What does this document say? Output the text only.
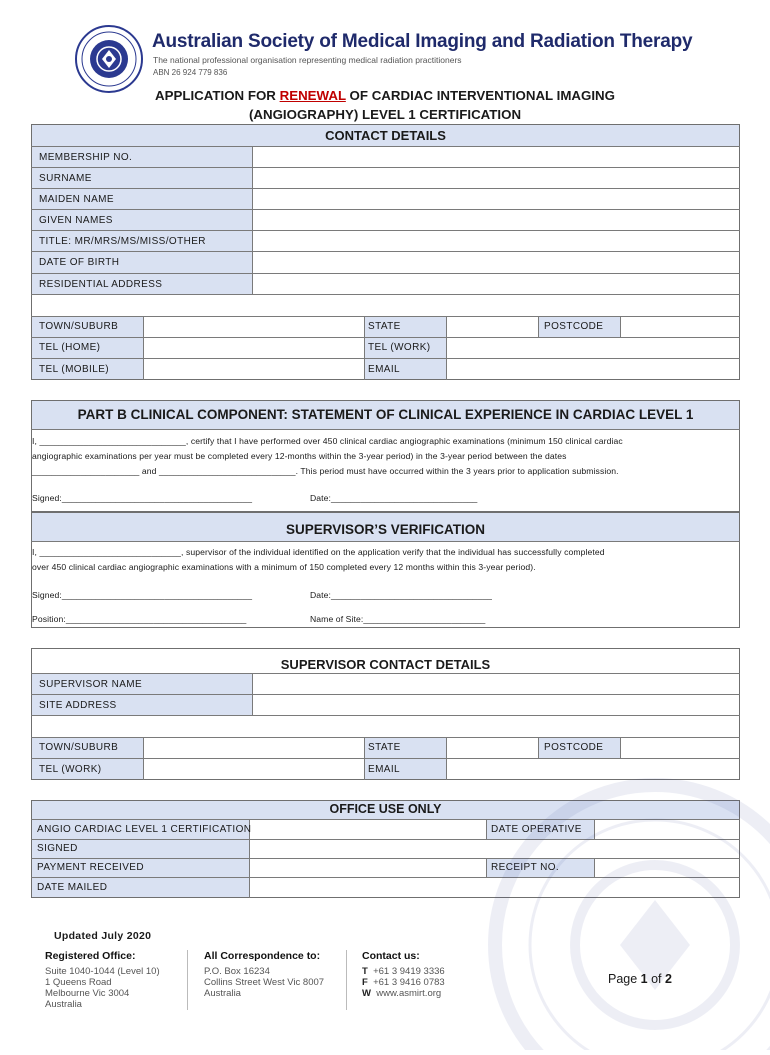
Australian Society of Medical Imaging and Radiation Therapy
The national professional organisation representing medical radiation practitioners
ABN 26 924 779 836
APPLICATION FOR RENEWAL OF CARDIAC INTERVENTIONAL IMAGING
(ANGIOGRAPHY) LEVEL 1 CERTIFICATION
CONTACT DETAILS
MEMBERSHIP NO.
SURNAME
MAIDEN NAME
GIVEN NAMES
TITLE: MR/MRS/MS/MISS/OTHER
DATE OF BIRTH
RESIDENTIAL ADDRESS
TOWN/SUBURB	STATE	POSTCODE
TEL (HOME)	TEL (WORK)
TEL (MOBILE)	EMAIL
PART B CLINICAL COMPONENT: STATEMENT OF CLINICAL EXPERIENCE IN CARDIAC LEVEL 1
I, ______________________________, certify that I have performed over 450 clinical cardiac angiographic examinations (minimum 150 clinical cardiac
angiographic examinations per year must be completed every 12-months within the 3-year period) in the 3-year period between the dates
______________________ and ____________________________. This period must have occurred within the 3 years prior to application submission.
Signed:_______________________________________	Date:______________________________
SUPERVISOR’S VERIFICATION
I, _____________________________, supervisor of the individual identified on the application verify that the individual has successfully completed
over 450 clinical cardiac angiographic examinations with a minimum of 150 completed every 12 months within this 3-year period).
Signed:_______________________________________	Date:_________________________________
Position:_____________________________________	Name of Site:_________________________
SUPERVISOR CONTACT DETAILS
SUPERVISOR NAME
SITE ADDRESS
TOWN/SUBURB	STATE	POSTCODE
TEL (WORK)	EMAIL
OFFICE USE ONLY
ANGIO CARDIAC LEVEL 1 CERTIFICATION	DATE OPERATIVE
SIGNED
PAYMENT RECEIVED	RECEIPT NO.
DATE MAILED
Updated July 2020
Registered Office:
Suite 1040-1044 (Level 10)
1 Queens Road
Melbourne Vic 3004
Australia
All Correspondence to:
P.O. Box 16234
Collins Street West Vic 8007
Australia
Contact us:
T +61 3 9419 3336
F +61 3 9416 0783
W www.asmirt.org
Page 1 of 2
